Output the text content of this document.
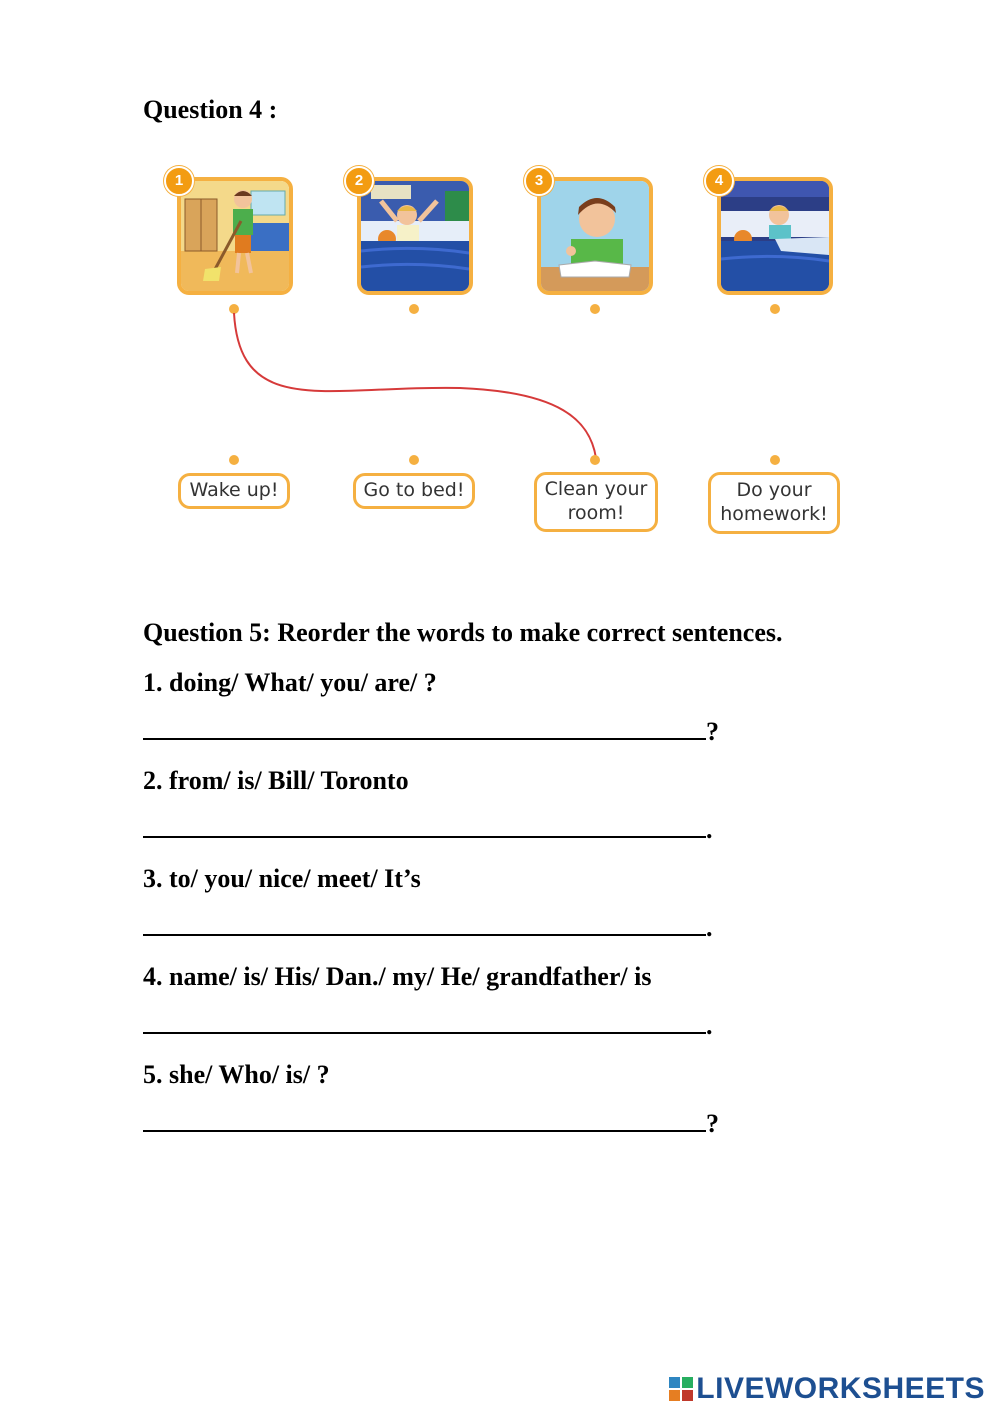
Question 4 :
1	2	3	4
Wake up!	Go to bed!	Clean your
room!
Do your
homework!
Question 5: Reorder the words to make correct sentences.
1. doing/ What/ you/ are/ ?
?
2. from/ is/ Bill/ Toronto
.
3. to/ you/ nice/ meet/ It’s
.
4. name/ is/ His/ Dan./ my/ He/ grandfather/ is
.
5. she/ Who/ is/ ?
?
LIVEWORKSHEETS
